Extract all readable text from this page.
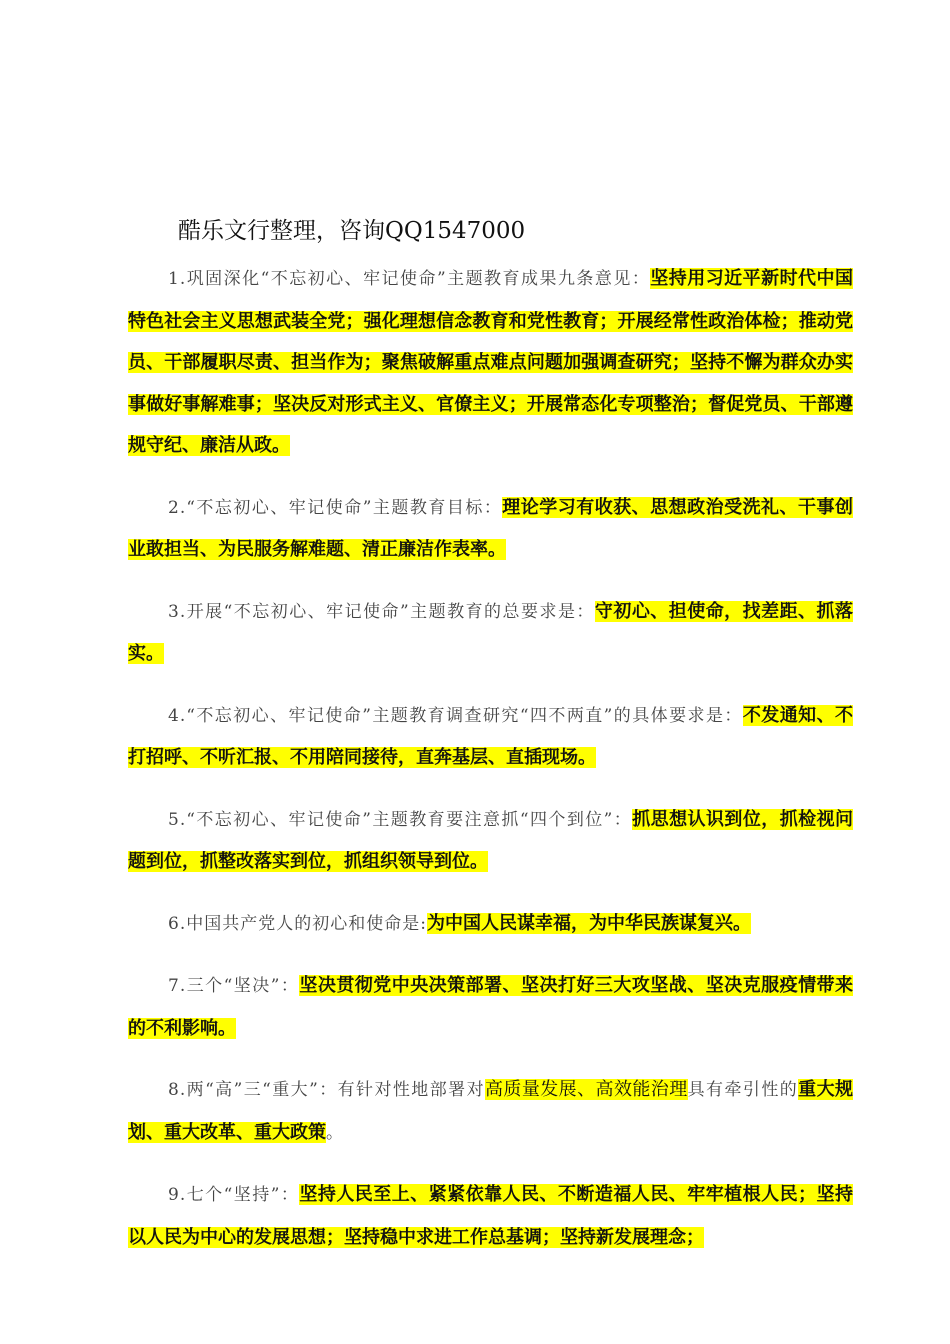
酷乐文行整理，咨询QQ1547000

1.巩固深化“不忘初心、牢记使命”主题教育成果九条意见：坚持用习近平新时代中国特色社会主义思想武装全党；强化理想信念教育和党性教育；开展经常性政治体检；推动党员、干部履职尽责、担当作为；聚焦破解重点难点问题加强调查研究；坚持不懈为群众办实事做好事解难事；坚决反对形式主义、官僚主义；开展常态化专项整治；督促党员、干部遵规守纪、廉洁从政。

2.“不忘初心、牢记使命”主题教育目标：理论学习有收获、思想政治受洗礼、干事创业敢担当、为民服务解难题、清正廉洁作表率。

3.开展“不忘初心、牢记使命”主题教育的总要求是：守初心、担使命，找差距、抓落实。

4.“不忘初心、牢记使命”主题教育调查研究“四不两直”的具体要求是：不发通知、不打招呼、不听汇报、不用陪同接待，直奔基层、直插现场。

5.“不忘初心、牢记使命”主题教育要注意抓“四个到位”：抓思想认识到位，抓检视问题到位，抓整改落实到位，抓组织领导到位。

6.中国共产党人的初心和使命是:为中国人民谋幸福，为中华民族谋复兴。

7.三个“坚决”：坚决贯彻党中央决策部署、坚决打好三大攻坚战、坚决克服疫情带来的不利影响。

8.两“高”三“重大”：有针对性地部署对高质量发展、高效能治理具有牵引性的重大规划、重大改革、重大政策。

9.七个“坚持”：坚持人民至上、紧紧依靠人民、不断造福人民、牢牢植根人民；坚持以人民为中心的发展思想；坚持稳中求进工作总基调；坚持新发展理念；
